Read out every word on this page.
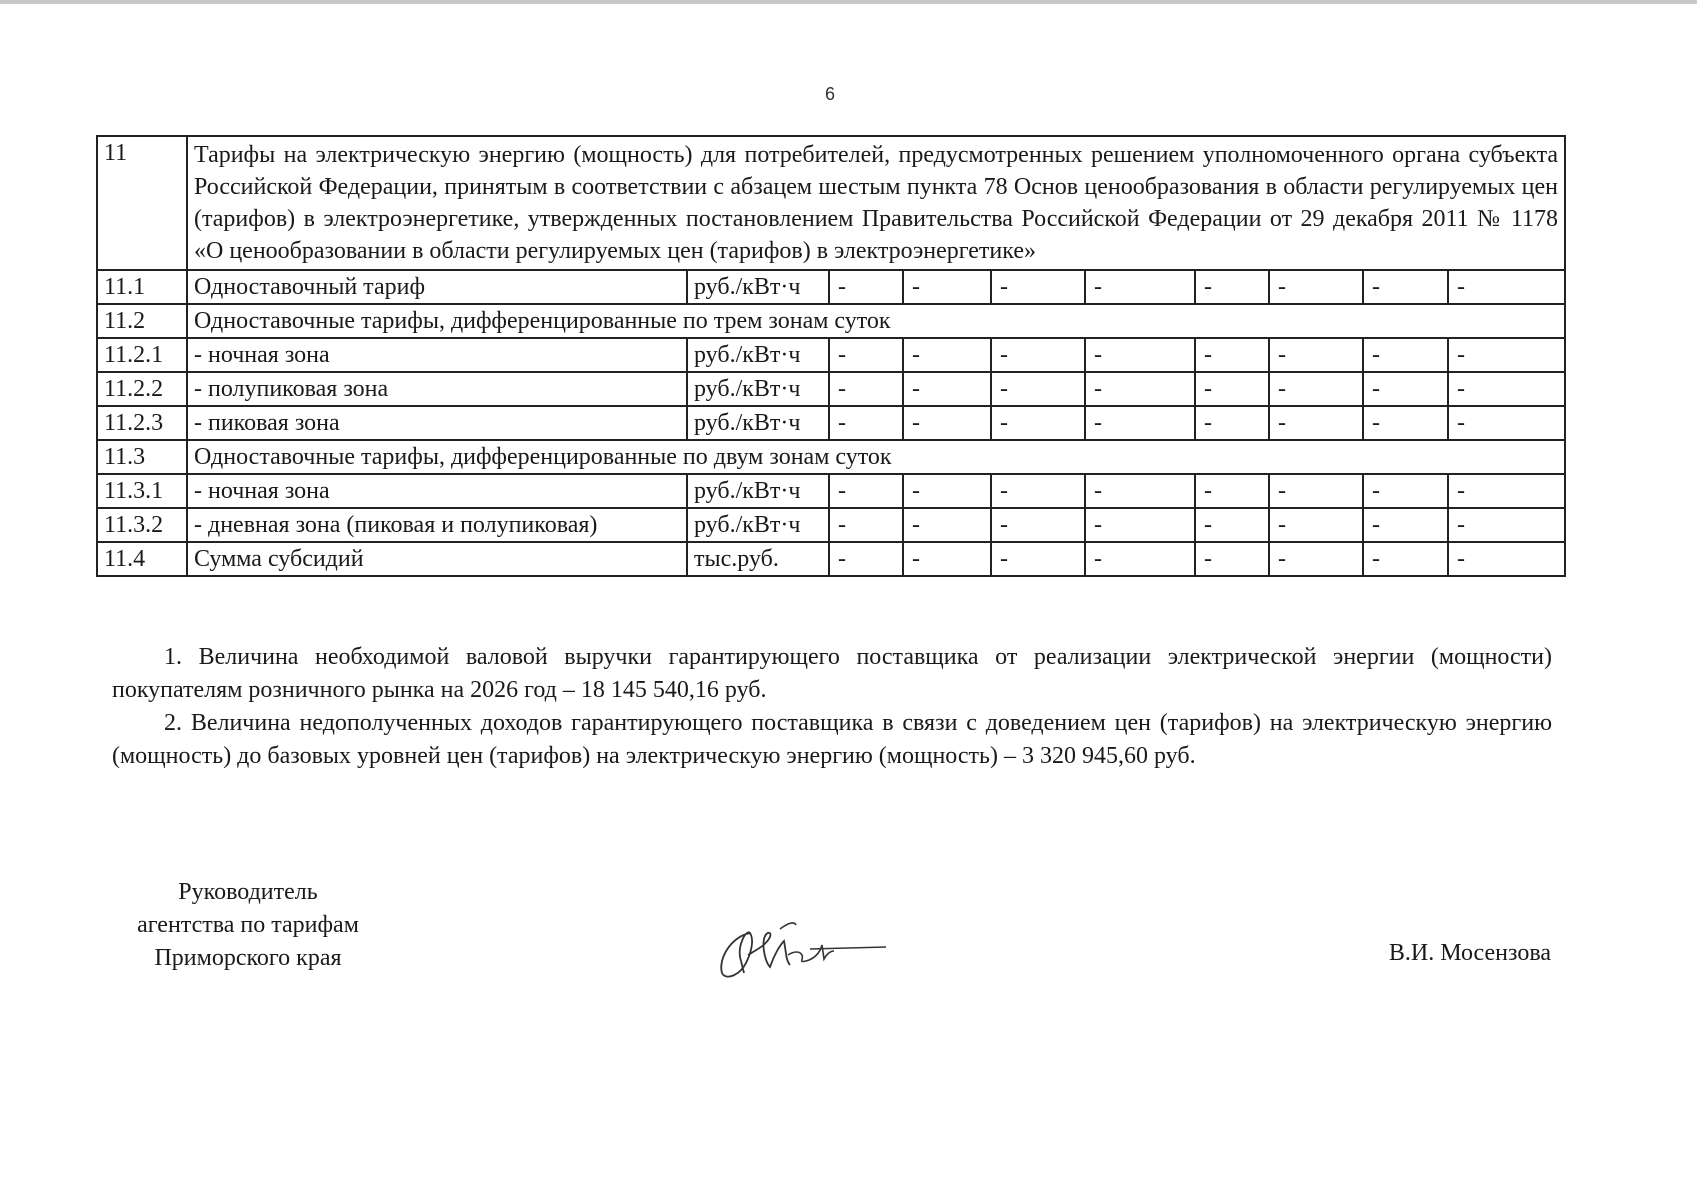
6
11	Тарифы на электрическую энергию (мощность) для потребителей, предусмотренных решением уполномоченного органа субъекта Российской Федерации, принятым в соответствии с абзацем шестым пункта 78 Основ ценообразования в области регулируемых цен (тарифов) в электроэнергетике, утвержденных постановлением Правительства Российской Федерации от 29 декабря 2011 № 1178 «О ценообразовании в области регулируемых цен (тарифов) в электроэнергетике»									
11.1	Одноставочный тариф	руб./кВт·ч	-	-	-	-	-	-	-	-
11.2	Одноставочные тарифы, дифференцированные по трем зонам суток									
11.2.1	- ночная зона	руб./кВт·ч	-	-	-	-	-	-	-	-
11.2.2	- полупиковая зона	руб./кВт·ч	-	-	-	-	-	-	-	-
11.2.3	- пиковая зона	руб./кВт·ч	-	-	-	-	-	-	-	-
11.3	Одноставочные тарифы, дифференцированные по двум зонам суток									
11.3.1	- ночная зона	руб./кВт·ч	-	-	-	-	-	-	-	-
11.3.2	- дневная зона (пиковая и полупиковая)	руб./кВт·ч	-	-	-	-	-	-	-	-
11.4	Сумма субсидий	тыс.руб.	-	-	-	-	-	-	-	-

1. Величина необходимой валовой выручки гарантирующего поставщика от реализации электрической энергии (мощности) покупателям розничного рынка на 2026 год – 18 145 540,16 руб.

2. Величина недополученных доходов гарантирующего поставщика в связи с доведением цен (тарифов) на электрическую энергию (мощность) до базовых уровней цен (тарифов) на электрическую энергию (мощность) – 3 320 945,60 руб.

Руководитель
агентства по тарифам
Приморского края	В.И. Мосензова
